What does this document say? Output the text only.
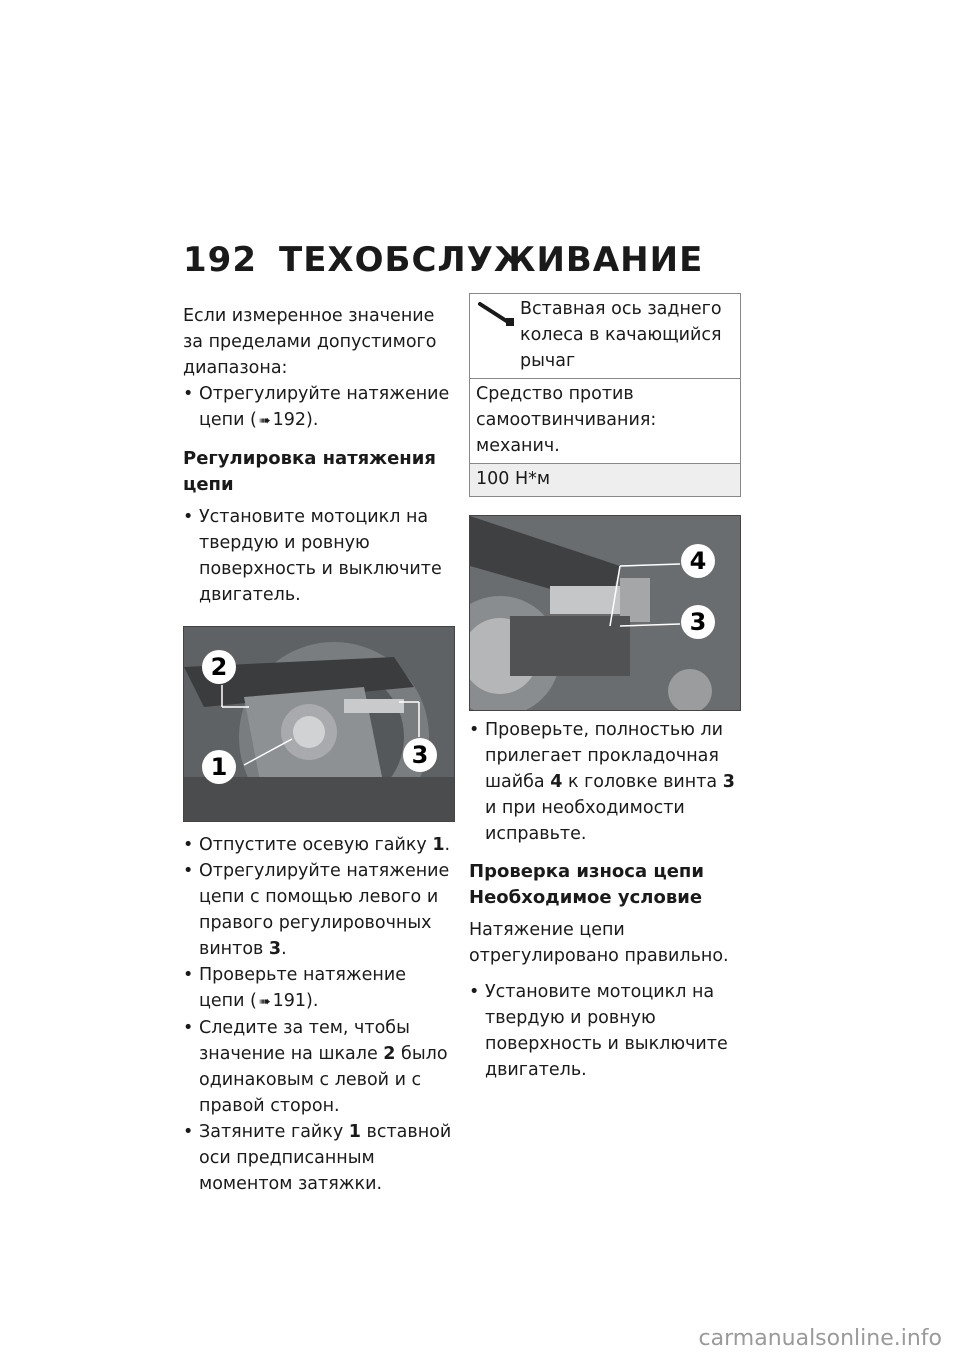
192 ТЕХОБСЛУЖИВАНИЕ

Если измеренное значение за пределами допустимого диапазона:

• Отрегулируйте натяжение цепи ( ➠ 192).
Регулировка натяжения цепи
• Установите мотоцикл на твердую и ровную поверхность и выключите двигатель.
2
1	3
• Отпустите осевую гайку 1.
• Отрегулируйте натяжение цепи с помощью левого и правого регулировочных винтов 3.
• Проверьте натяжение цепи ( ➠ 191).
• Следите за тем, чтобы значение на шкале 2 было одинаковым с левой и с правой сторон.
• Затяните гайку 1 вставной оси предписанным моментом затяжки.
Вставная ось заднего колеса в качающийся рычаг
Средство против самоотвинчивания: механич.
100 Н*м
4
3
• Проверьте, полностью ли прилегает прокладочная шайба 4 к головке винта 3 и при необходимости исправьте.
Проверка износа цепи
Необходимое условие

Натяжение цепи отрегулировано правильно.

• Установите мотоцикл на твердую и ровную поверхность и выключите двигатель.
carmanualsonline.info
